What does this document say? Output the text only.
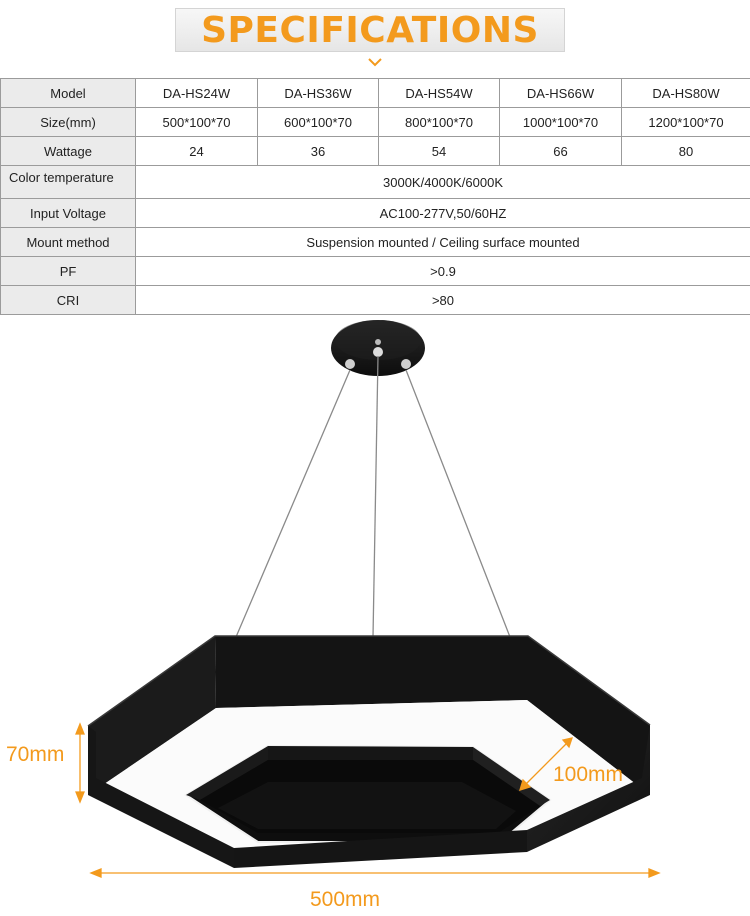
SPECIFICATIONS
Model	DA-HS24W	DA-HS36W	DA-HS54W	DA-HS66W	DA-HS80W
Size(mm)	500*100*70	600*100*70	800*100*70	1000*100*70	1200*100*70
Wattage	24	36	54	66	80
Color temperature	3000K/4000K/6000K				
Input Voltage	AC100-277V,50/60HZ				
Mount method	Suspension mounted / Ceiling surface mounted				
PF	>0.9				
CRI	>80				
70mm
100mm
500mm
